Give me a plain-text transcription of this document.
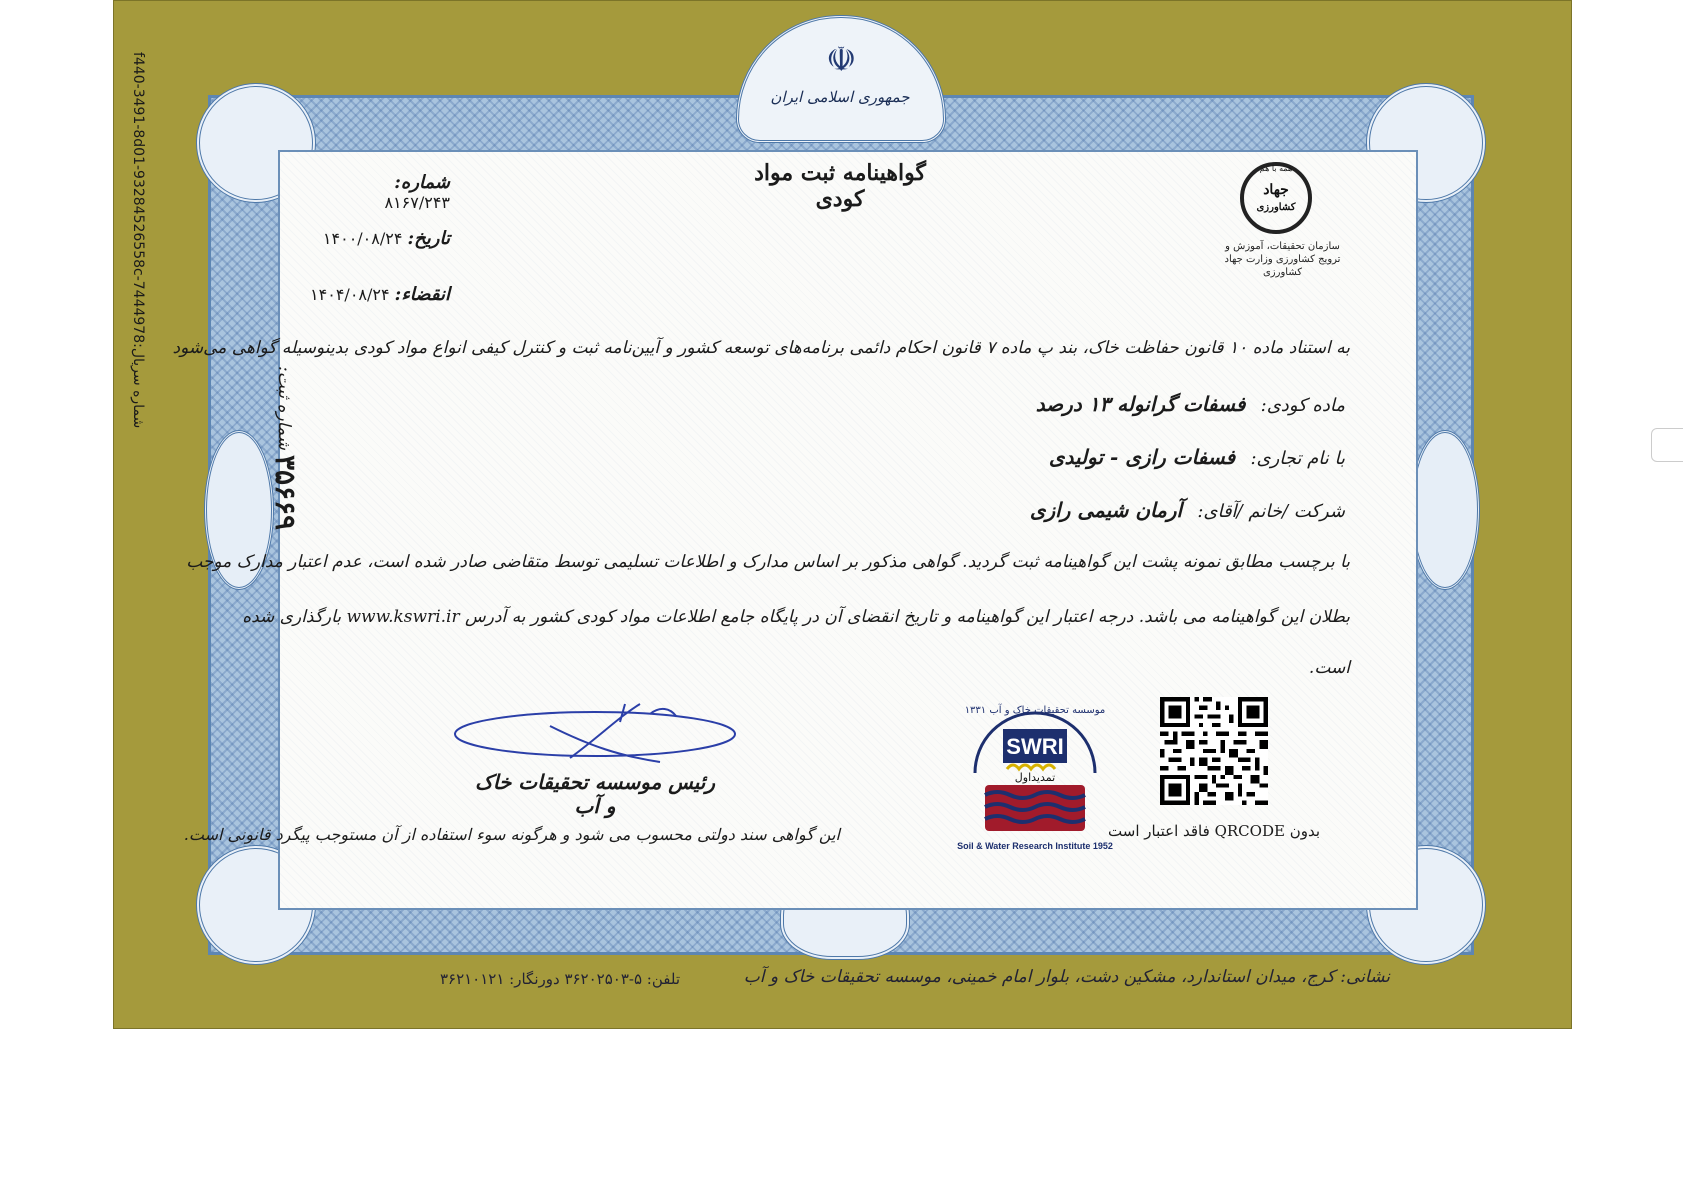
شماره سریال:f440-3491-8d01-93284526558c-7444978
☫
جمهوری اسلامی ایران
گواهینامه ثبت مواد کودی
شماره: ۸۱۶۷/۲۴۳
تاریخ: ۱۴۰۰/۰۸/۲۴
انقضاء: ۱۴۰۴/۰۸/۲۴
همه با هم
جهاد
کشاورزی
سازمان تحقیقات، آموزش و ترویج کشاورزی وزارت جهاد کشاورزی
به استناد ماده ۱۰ قانون حفاظت خاک، بند پ ماده ۷ قانون احکام دائمی برنامه‌های توسعه کشور و آیین‌نامه ثبت و کنترل کیفی انواع مواد کودی بدینوسیله گواهی می‌شود
ماده کودی:   فسفات گرانوله ۱۳ درصد
با نام تجاری:   فسفات رازی - تولیدی
شرکت /خانم /آقای:   آرمان شیمی رازی
با برچسب مطابق نمونه پشت این گواهینامه ثبت گردید. گواهی مذکور بر اساس مدارک و اطلاعات تسلیمی توسط متقاضی صادر شده است، عدم اعتبار مدارک موجب
بطلان این گواهینامه می باشد. درجه اعتبار این گواهینامه و تاریخ انقضای آن در پایگاه جامع اطلاعات مواد کودی کشور به آدرس www.kswri.ir بارگذاری شده
است.
شماره ثبت:
۳۵۶۶۹
رئیس موسسه تحقیقات خاک و آب
این گواهی سند دولتی محسوب می شود و هرگونه سوء استفاده از آن مستوجب پیگرد قانونی است.
SWRI
تمدیداول
Soil & Water Research Institute 1952
موسسه تحقیقات خاک و آب ۱۳۳۱
بدون QRCODE فاقد اعتبار است
نشانی: کرج، میدان استاندارد، مشکین دشت، بلوار امام خمینی، موسسه تحقیقات خاک و آب
تلفن: ۵-۳۶۲۰۲۵۰۳ دورنگار: ۳۶۲۱۰۱۲۱
